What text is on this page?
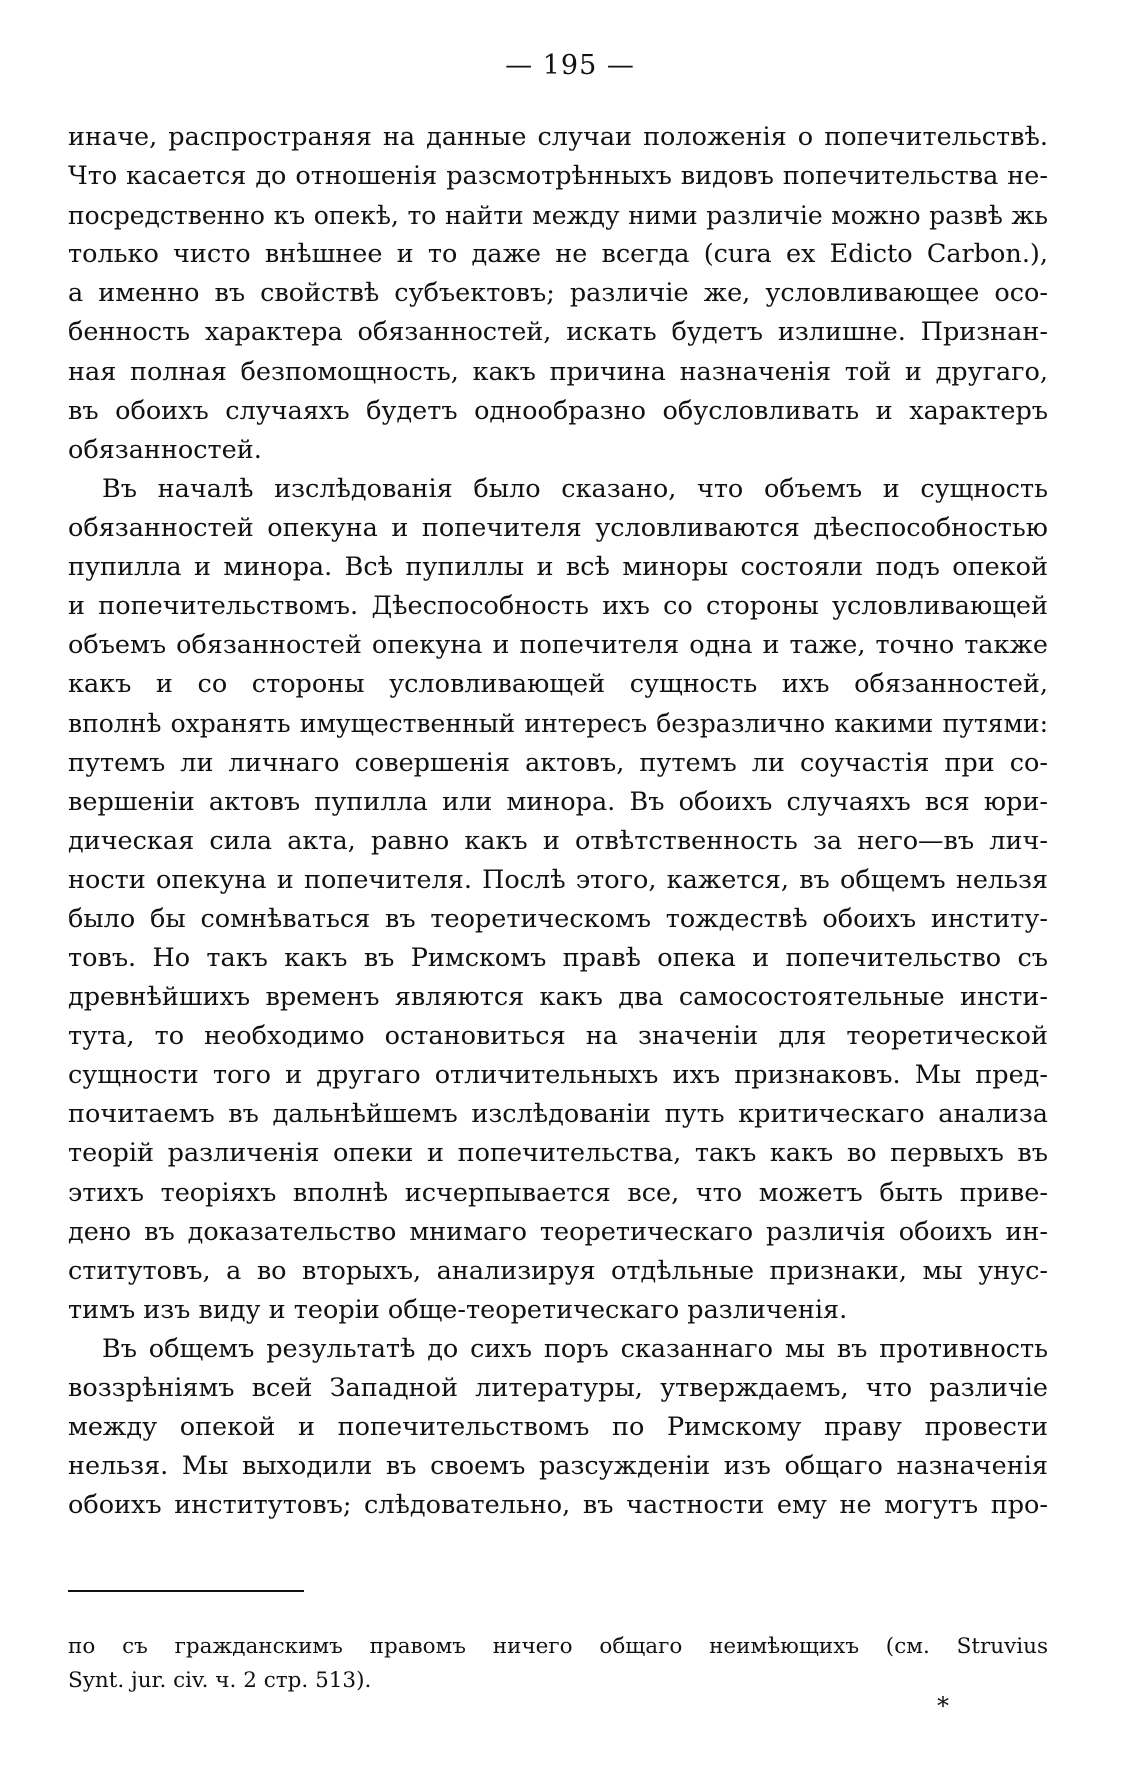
— 195 —
иначе, распространяя на данные случаи положенія о попечительствѣ.
Что касается до отношенія разсмотрѣнныхъ видовъ попечительства не-
посредственно къ опекѣ, то найти между ними различіе можно развѣ жь
только чисто внѣшнее и то даже не всегда (cura ex Edicto Carbon.),
а именно въ свойствѣ субъектовъ; различіе же, условливающее осо-
бенность характера обязанностей, искать будетъ излишне. Признан-
ная полная безпомощность, какъ причина назначенія той и другаго,
въ обоихъ случаяхъ будетъ однообразно обусловливать и характеръ
обязанностей.
Въ началѣ изслѣдованія было сказано, что объемъ и сущность
обязанностей опекуна и попечителя условливаются дѣеспособностью
пупилла и минора. Всѣ пупиллы и всѣ миноры состояли подъ опекой
и попечительствомъ. Дѣеспособность ихъ со стороны условливающей
объемъ обязанностей опекуна и попечителя одна и таже, точно также
какъ и со стороны условливающей сущность ихъ обязанностей,
вполнѣ охранять имущественный интересъ безразлично какими путями:
путемъ ли личнаго совершенія актовъ, путемъ ли соучастія при со-
вершеніи актовъ пупилла или минора. Въ обоихъ случаяхъ вся юри-
дическая сила акта, равно какъ и отвѣтственность за него—въ лич-
ности опекуна и попечителя. Послѣ этого, кажется, въ общемъ нельзя
было бы сомнѣваться въ теоретическомъ тождествѣ обоихъ институ-
товъ. Но такъ какъ въ Римскомъ правѣ опека и попечительство съ
древнѣйшихъ временъ являются какъ два самосостоятельные инсти-
тута, то необходимо остановиться на значеніи для теоретической
сущности того и другаго отличительныхъ ихъ признаковъ. Мы пред-
почитаемъ въ дальнѣйшемъ изслѣдованіи путь критическаго анализа
теорій различенія опеки и попечительства, такъ какъ во первыхъ въ
этихъ теоріяхъ вполнѣ исчерпывается все, что можетъ быть приве-
дено въ доказательство мнимаго теоретическаго различія обоихъ ин-
ститутовъ, а во вторыхъ, анализируя отдѣльные признаки, мы унус-
тимъ изъ виду и теоріи обще-теоретическаго различенія.
Въ общемъ результатѣ до сихъ поръ сказаннаго мы въ противность
воззрѣніямъ всей Западной литературы, утверждаемъ, что различіе
между опекой и попечительствомъ по Римскому праву провести
нельзя. Мы выходили въ своемъ разсужденіи изъ общаго назначенія
обоихъ институтовъ; слѣдовательно, въ частности ему не могутъ про-
по съ гражданскимъ правомъ ничего общаго неимѣющихъ (см. Struvius
Synt. jur. civ. ч. 2 стр. 513).
*
